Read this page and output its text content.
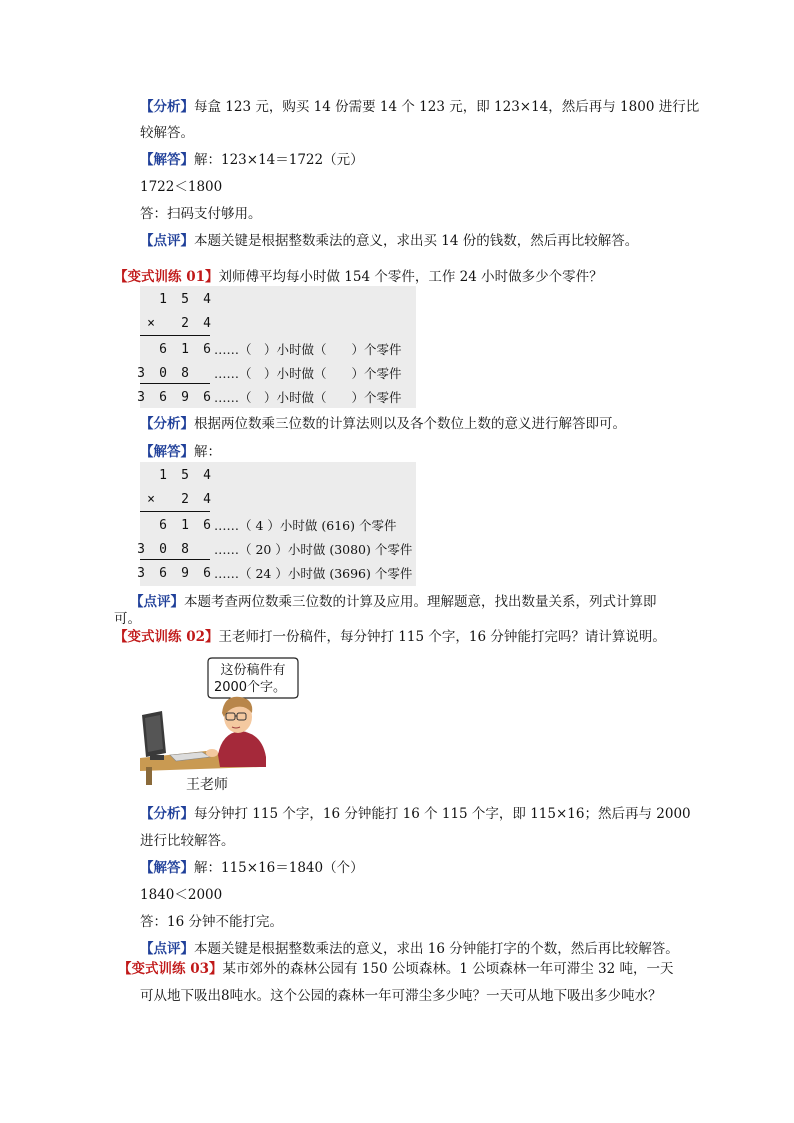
【分析】每盒 123 元，购买 14 份需要 14 个 123 元，即 123×14，然后再与 1800 进行比
较解答。
【解答】解：123×14＝1722（元）
1722＜1800
答：扫码支付够用。
【点评】本题关键是根据整数乘法的意义，求出买 14 份的钱数，然后再比较解答。
【变式训练 01】刘师傅平均每小时做 154 个零件，工作 24 小时做多少个零件？
1 5 4
× 2 4
6 1 6 ……（　）小时做（　　）个零件
3 0 8 ……（　）小时做（　　）个零件
3 6 9 6 ……（　）小时做（　　）个零件
【分析】根据两位数乘三位数的计算法则以及各个数位上数的意义进行解答即可。
【解答】解：
1 5 4
× 2 4
6 1 6 ……（ 4 ）小时做 (616) 个零件
3 0 8 ……（ 20 ）小时做 (3080) 个零件
3 6 9 6 ……（ 24 ）小时做 (3696) 个零件
【点评】本题考查两位数乘三位数的计算及应用。理解题意，找出数量关系，列式计算即
可。
【变式训练 02】王老师打一份稿件，每分钟打 115 个字，16 分钟能打完吗？请计算说明。
这份稿件有
2000个字。
王老师
【分析】每分钟打 115 个字，16 分钟能打 16 个 115 个字，即 115×16；然后再与 2000
进行比较解答。
【解答】解：115×16＝1840（个）
1840＜2000
答：16 分钟不能打完。
【点评】本题关键是根据整数乘法的意义，求出 16 分钟能打字的个数，然后再比较解答。
【变式训练 03】某市郊外的森林公园有 150 公顷森林。1 公顷森林一年可滞尘 32 吨，一天
可从地下吸出8吨水。这个公园的森林一年可滞尘多少吨？一天可从地下吸出多少吨水？
